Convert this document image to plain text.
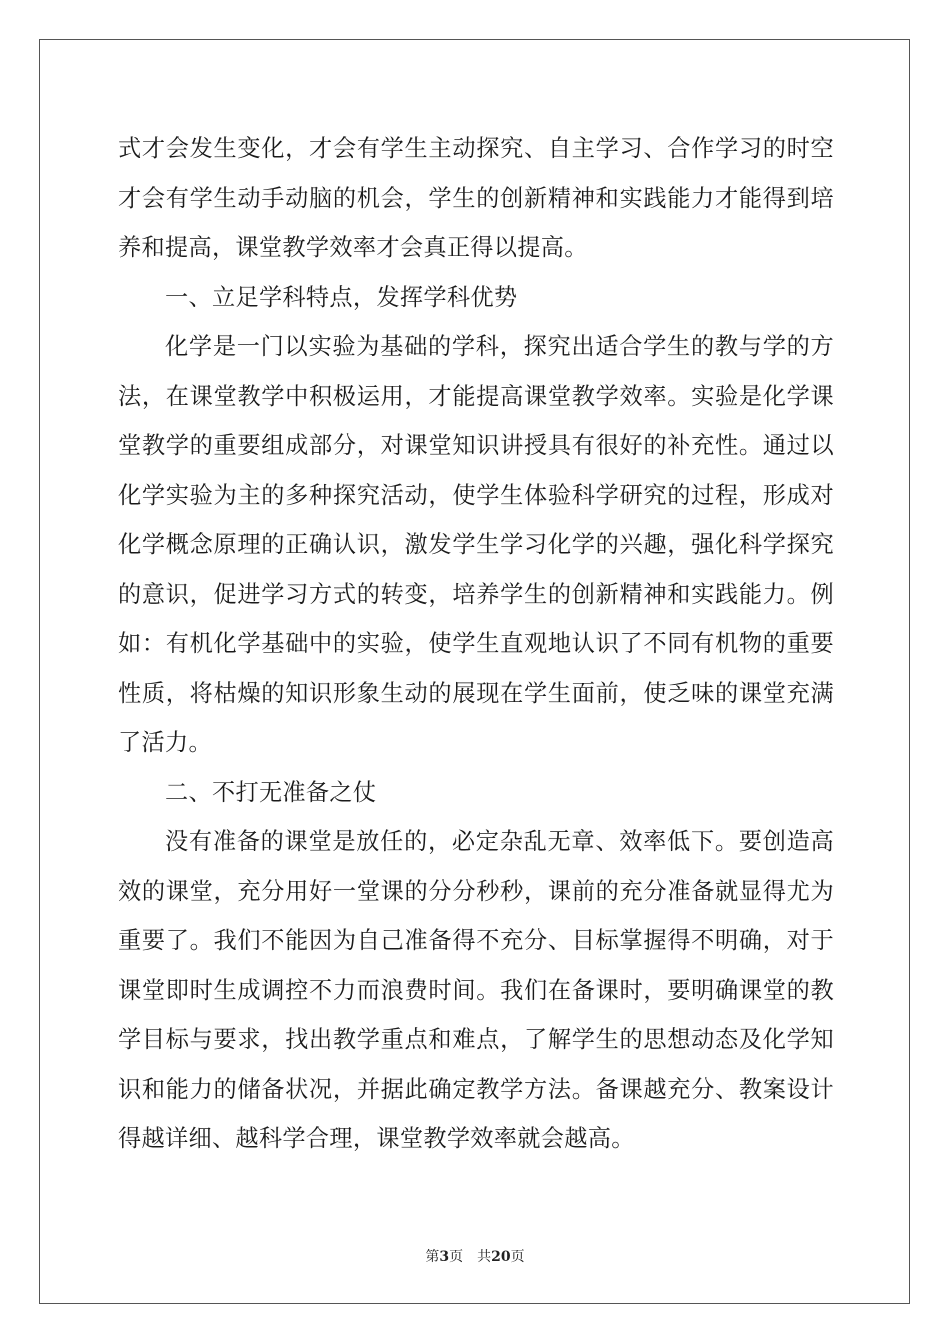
式才会发生变化，才会有学生主动探究、自主学习、合作学习的时空
才会有学生动手动脑的机会，学生的创新精神和实践能力才能得到培
养和提高，课堂教学效率才会真正得以提高。
一、立足学科特点，发挥学科优势
化学是一门以实验为基础的学科，探究出适合学生的教与学的方
法，在课堂教学中积极运用，才能提高课堂教学效率。实验是化学课
堂教学的重要组成部分，对课堂知识讲授具有很好的补充性。通过以
化学实验为主的多种探究活动，使学生体验科学研究的过程，形成对
化学概念原理的正确认识，激发学生学习化学的兴趣，强化科学探究
的意识，促进学习方式的转变，培养学生的创新精神和实践能力。例
如：有机化学基础中的实验，使学生直观地认识了不同有机物的重要
性质，将枯燥的知识形象生动的展现在学生面前，使乏味的课堂充满
了活力。
二、不打无准备之仗
没有准备的课堂是放任的，必定杂乱无章、效率低下。要创造高
效的课堂，充分用好一堂课的分分秒秒，课前的充分准备就显得尤为
重要了。我们不能因为自己准备得不充分、目标掌握得不明确，对于
课堂即时生成调控不力而浪费时间。我们在备课时，要明确课堂的教
学目标与要求，找出教学重点和难点，了解学生的思想动态及化学知
识和能力的储备状况，并据此确定教学方法。备课越充分、教案设计
得越详细、越科学合理，课堂教学效率就会越高。
第3页 共20页
